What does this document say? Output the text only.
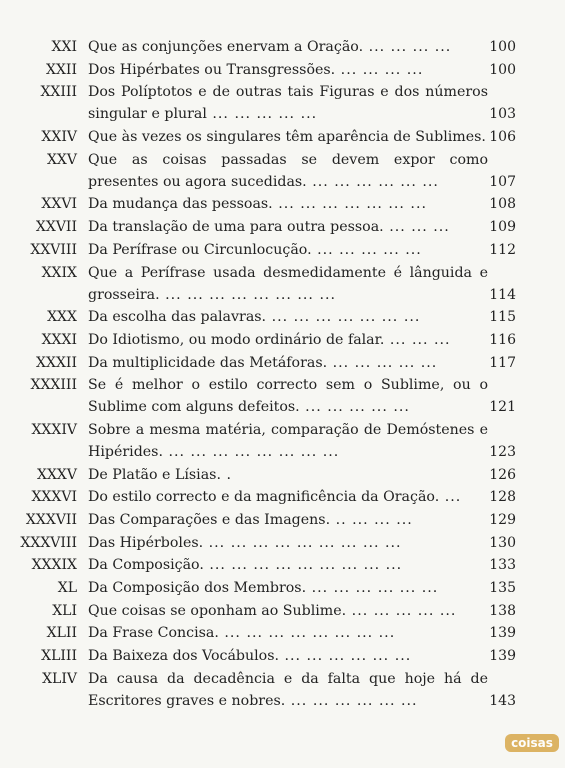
XXI Que as conjunções enervam a Oração. ... ... ... ...	100
XXII Dos Hipérbates ou Transgressões. ... ... ... ...	100
XXIII Dos Políptotos e de outras tais Figuras e dos números singular e plural ... ... ... ... ...	103
XXIV Que às vezes os singulares têm aparência de Sublimes. 106
XXV Que as coisas passadas se devem expor como presentes ou agora sucedidas. ... ... ... ... ... ...	107
XXVI Da mudança das pessoas. ... ... ... ... ... ... ...	108
XXVII Da translação de uma para outra pessoa. ... ... ...	109
XXVIII Da Perífrase ou Circunlocução. ... ... ... ... ...	112
XXIX Que a Perífrase usada desmedidamente é lânguida e grosseira. ... ... ... ... ... ... ... ...	114
XXX Da escolha das palavras. ... ... ... ... ... ... ...	115
XXXI Do Idiotismo, ou modo ordinário de falar. ... ... ...	116
XXXII Da multiplicidade das Metáforas. ... ... ... ... ...	117
XXXIII Se é melhor o estilo correcto sem o Sublime, ou o Sublime com alguns defeitos. ... ... ... ... ...	121
XXXIV Sobre a mesma matéria, comparação de Demóstenes e Hipérides. ... ... ... ... ... ... ... ...	123
XXXV De Platão e Lísias. .	126
XXXVI Do estilo correcto e da magnificência da Oração. ...	128
XXXVII Das Comparações e das Imagens. .. ... ... ...	129
XXXVIII Das Hipérboles. ... ... ... ... ... ... ... ... ...	130
XXXIX Da Composição. ... ... ... ... ... ... ... ... ...	133
XL Da Composição dos Membros. ... ... ... ... ... ...	135
XLI Que coisas se oponham ao Sublime. ... ... ... ... ...	138
XLII Da Frase Concisa. ... ... ... ... ... ... ... ...	139
XLIII Da Baixeza dos Vocábulos. ... ... ... ... ... ...	139
XLIV Da causa da decadência e da falta que hoje há de Escritores graves e nobres. ... ... ... ... ... ...	143
coisas
